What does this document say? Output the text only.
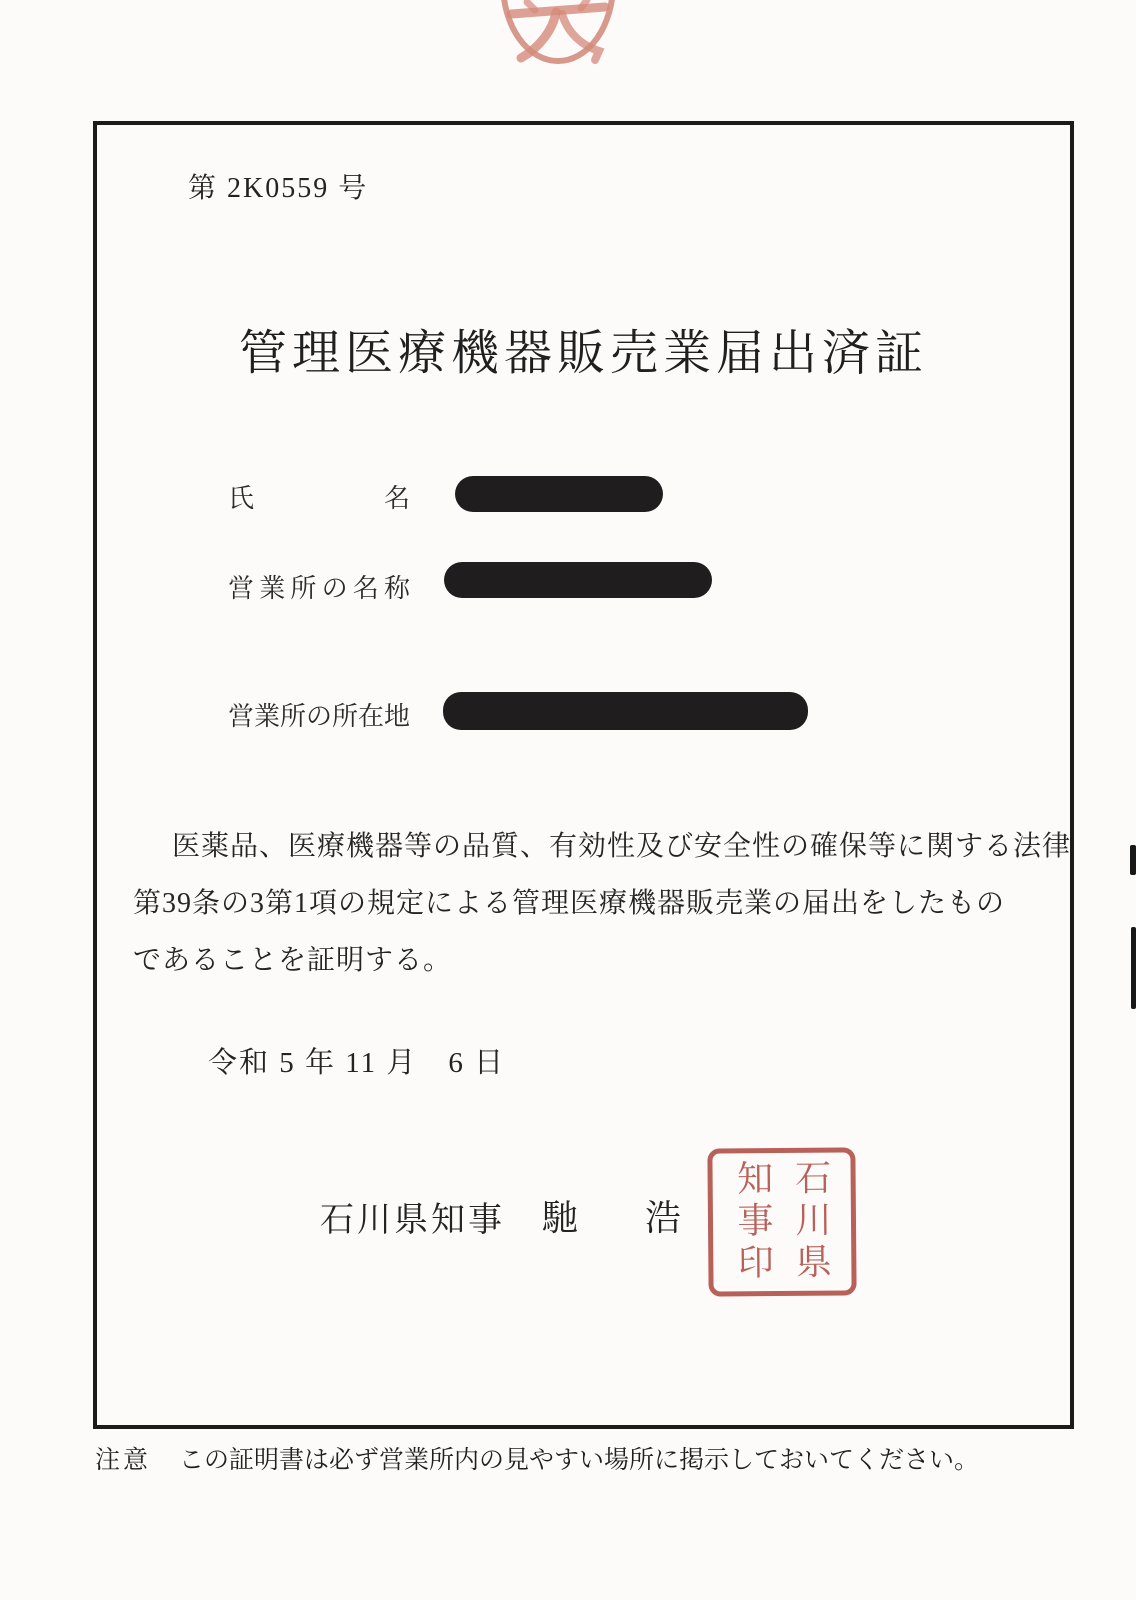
第 2K0559 号
管理医療機器販売業届出済証
氏名
営業所の名称
営業所の所在地
医薬品、医療機器等の品質、有効性及び安全性の確保等に関する法律
第39条の3第1項の規定による管理医療機器販売業の届出をしたもの
であることを証明する。
令和 5 年 11 月　6 日
石川県知事 馳 浩	石川県
知事印
注意 この証明書は必ず営業所内の見やすい場所に掲示しておいてください。
